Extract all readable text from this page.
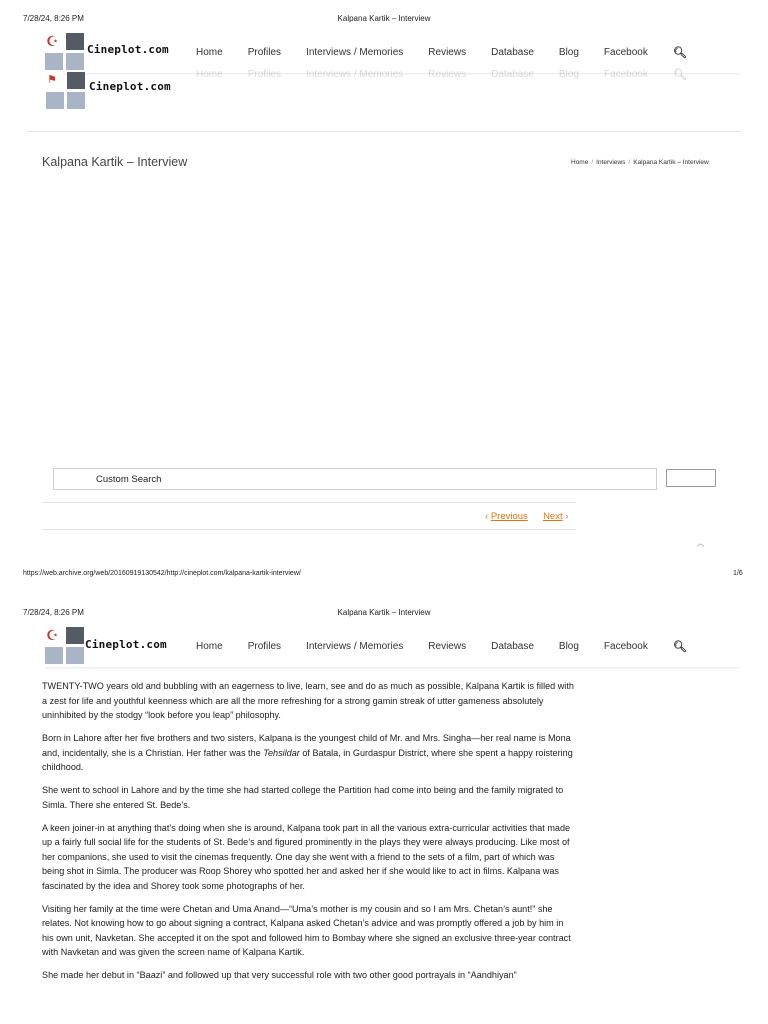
7/28/24, 8:26 PM	Kalpana Kartik – Interview
☪
Cineplot.com	Home	Profiles	Interviews / Memories	Reviews	Database	Blog	Facebook 🔍︎
Home	Profiles	Interviews / Memories	Reviews	Database	Blog	Facebook 🔍︎
⚑	Cineplot.com
Kalpana Kartik – Interview	Home / Interviews / Kalpana Kartik – Interview
Custom Search
‹ Previous Next ›
⌃
https://web.archive.org/web/20160919130542/http://cineplot.com/kalpana-kartik-interview/	1/6
7/28/24, 8:26 PM	Kalpana Kartik – Interview
☪
Cineplot.com	Home	Profiles	Interviews / Memories	Reviews	Database	Blog	Facebook 🔍︎

TWENTY-TWO years old and bubbling with an eagerness to live, learn, see and do as much as possible, Kalpana Kartik is filled with a zest for life and youthful keenness which are all the more refreshing for a strong gamin streak of utter gameness absolutely uninhibited by the stodgy “look before you leap” philosophy.

Born in Lahore after her five brothers and two sisters, Kalpana is the youngest child of Mr. and Mrs. Singha—her real name is Mona and, incidentally, she is a Christian. Her father was the Tehsildar of Batala, in Gurdaspur District, where she spent a happy roistering childhood.

She went to school in Lahore and by the time she had started college the Partition had come into being and the family migrated to Simla. There she entered St. Bede’s.

A keen joiner-in at anything that’s doing when she is around, Kalpana took part in all the various extra-curricular activities that made up a fairly full social life for the students of St. Bede’s and figured prominently in the plays they were always producing. Like most of her companions, she used to visit the cinemas frequently. One day she went with a friend to the sets of a film, part of which was being shot in Simla. The producer was Roop Shorey who spotted her and asked her if she would like to act in films. Kalpana was fascinated by the idea and Shorey took some photographs of her.

Visiting her family at the time were Chetan and Uma Anand—“Uma’s mother is my cousin and so I am Mrs. Chetan’s aunt!” she relates. Not knowing how to go about signing a contract, Kalpana asked Chetan’s advice and was promptly offered a job by him in his own unit, Navketan. She accepted it on the spot and followed him to Bombay where she signed an exclusive three-year contract with Navketan and was given the screen name of Kalpana Kartik.

She made her debut in “Baazi” and followed up that very successful role with two other good portrayals in “Aandhiyan”
